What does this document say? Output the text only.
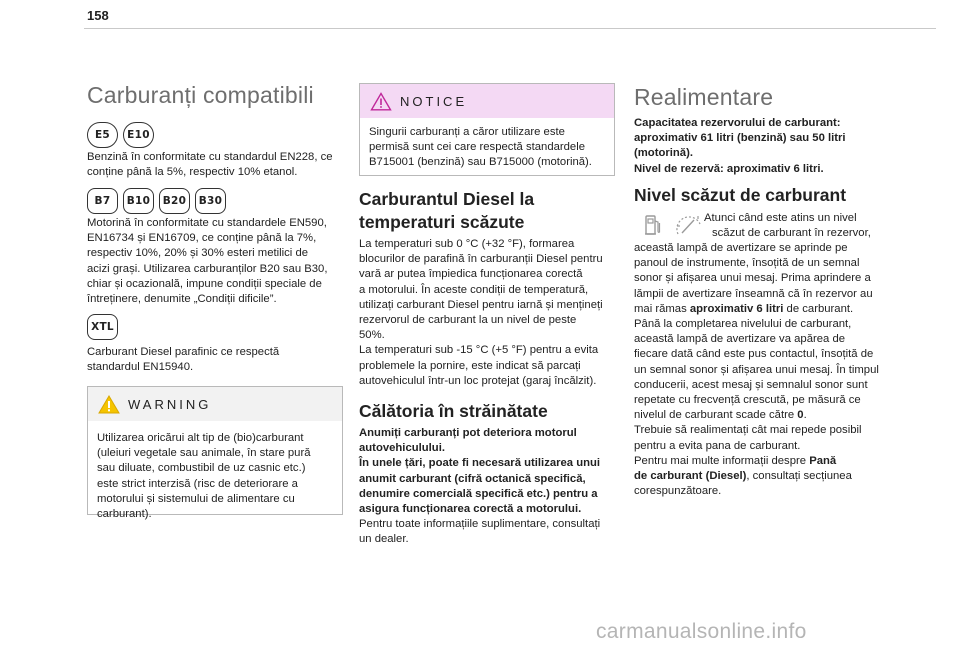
158
Carburanți compatibili
E5	E10
Benzină în conformitate cu standardul EN228, ce
conține până la 5%, respectiv 10% etanol.
B7	B10	B20	B30
Motorină în conformitate cu standardele EN590,
EN16734 și EN16709, ce conține până la 7%,
respectiv 10%, 20% și 30% esteri metilici de
acizi grași. Utilizarea carburanților B20 sau B30,
chiar și ocazională, impune condiții speciale de
întreținere, denumite „Condiții dificile”.
XTL
Carburant Diesel parafinic ce respectă
standardul EN15940.
WARNING
Utilizarea oricărui alt tip de (bio)carburant
(uleiuri vegetale sau animale, în stare pură
sau diluate, combustibil de uz casnic etc.)
este strict interzisă (risc de deteriorare a
motorului și sistemului de alimentare cu
carburant).
NOTICE
Singurii carburanți a căror utilizare este
permisă sunt cei care respectă standardele
B715001 (benzină) sau B715000 (motorină).
Carburantul Diesel la
temperaturi scăzute
La temperaturi sub 0 °C (+32 °F), formarea
blocurilor de parafină în carburanții Diesel pentru
vară ar putea împiedica funcționarea corectă
a motorului. În aceste condiții de temperatură,
utilizați carburant Diesel pentru iarnă și mențineți
rezervorul de carburant la un nivel de peste
50%.
La temperaturi sub -15 °C (+5 °F) pentru a evita
problemele la pornire, este indicat să parcați
autovehiculul într-un loc protejat (garaj încălzit).
Călătoria în străinătate
Anumiți carburanți pot deteriora motorul
autovehiculului.
În unele țări, poate fi necesară utilizarea unui
anumit carburant (cifră octanică specifică,
denumire comercială specifică etc.) pentru a
asigura funcționarea corectă a motorului.
Pentru toate informațiile suplimentare, consultați
un dealer.
Realimentare
Capacitatea rezervorului de carburant:
aproximativ 61 litri (benzină) sau 50 litri
(motorină).
Nivel de rezervă: aproximativ 6 litri.
Nivel scăzut de carburant
Atunci când este atins un nivel
scăzut de carburant în rezervor,
această lampă de avertizare se aprinde pe
panoul de instrumente, însoțită de un semnal
sonor și afișarea unui mesaj. Prima aprindere a
lămpii de avertizare înseamnă că în rezervor au
mai rămas aproximativ 6 litri de carburant.
Până la completarea nivelului de carburant,
această lampă de avertizare va apărea de
fiecare dată când este pus contactul, însoțită de
un semnal sonor și afișarea unui mesaj. În timpul
conducerii, acest mesaj și semnalul sonor sunt
repetate cu frecvență crescută, pe măsură ce
nivelul de carburant scade către 0.
Trebuie să realimentați cât mai repede posibil
pentru a evita pana de carburant.
Pentru mai multe informații despre Pană
de carburant (Diesel), consultați secțiunea
corespunzătoare.
carmanualsonline.info
